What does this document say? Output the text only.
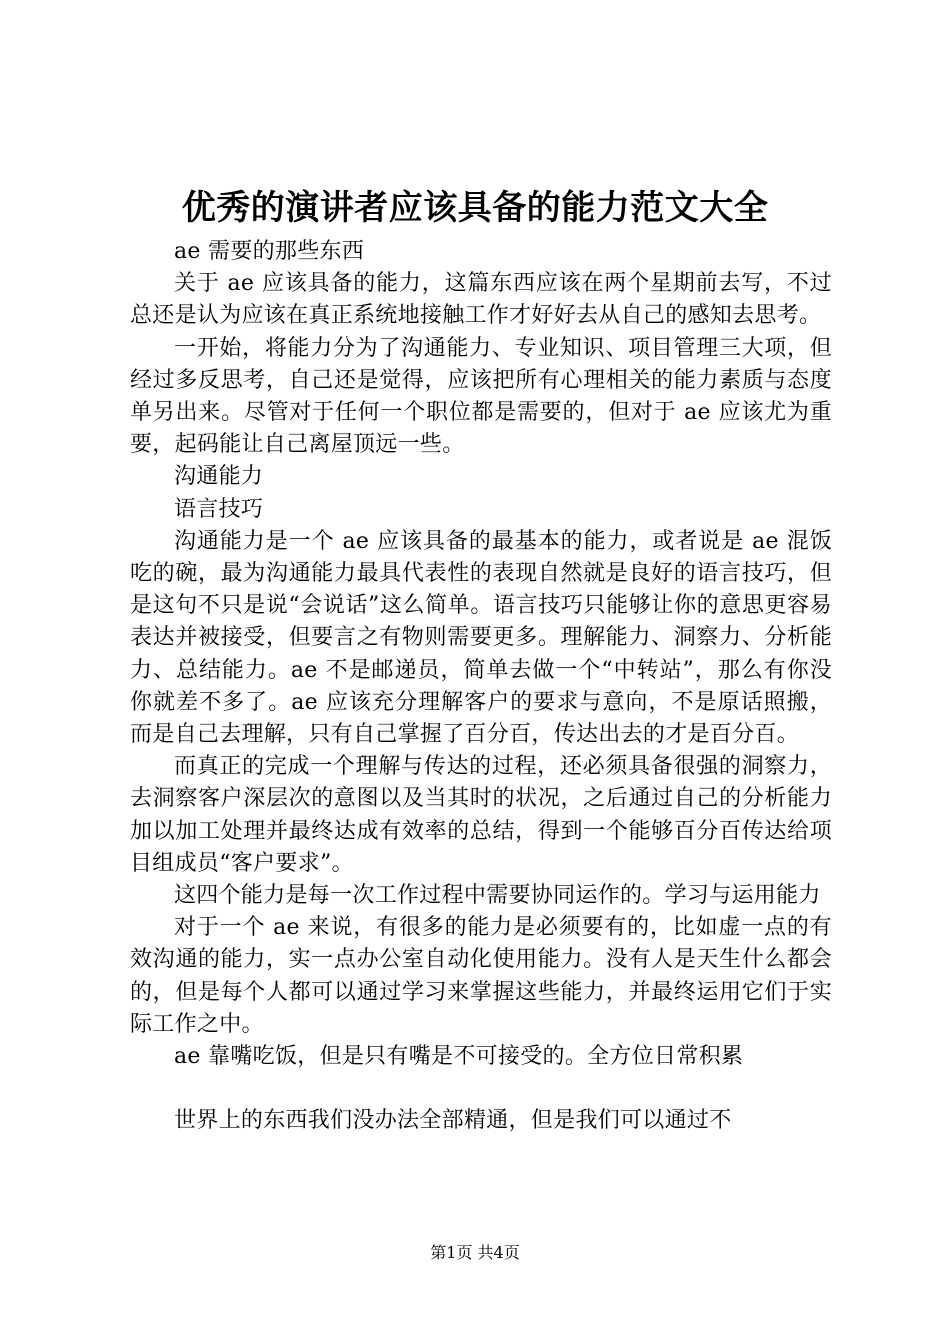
优秀的演讲者应该具备的能力范文大全

ae 需要的那些东西

关于 ae 应该具备的能力，这篇东西应该在两个星期前去写，不过总还是认为应该在真正系统地接触工作才好好去从自己的感知去思考。

一开始，将能力分为了沟通能力、专业知识、项目管理三大项，但经过多反思考，自己还是觉得，应该把所有心理相关的能力素质与态度单另出来。尽管对于任何一个职位都是需要的，但对于 ae 应该尤为重要，起码能让自己离屋顶远一些。

沟通能力

语言技巧

沟通能力是一个 ae 应该具备的最基本的能力，或者说是 ae 混饭吃的碗，最为沟通能力最具代表性的表现自然就是良好的语言技巧，但是这句不只是说“会说话”这么简单。语言技巧只能够让你的意思更容易表达并被接受，但要言之有物则需要更多。理解能力、洞察力、分析能力、总结能力。ae 不是邮递员，简单去做一个“中转站”，那么有你没你就差不多了。ae 应该充分理解客户的要求与意向，不是原话照搬，而是自己去理解，只有自己掌握了百分百，传达出去的才是百分百。

而真正的完成一个理解与传达的过程，还必须具备很强的洞察力，去洞察客户深层次的意图以及当其时的状况，之后通过自己的分析能力加以加工处理并最终达成有效率的总结，得到一个能够百分百传达给项目组成员“客户要求”。

这四个能力是每一次工作过程中需要协同运作的。学习与运用能力

对于一个 ae 来说，有很多的能力是必须要有的，比如虚一点的有效沟通的能力，实一点办公室自动化使用能力。没有人是天生什么都会的，但是每个人都可以通过学习来掌握这些能力，并最终运用它们于实际工作之中。

ae 靠嘴吃饭，但是只有嘴是不可接受的。全方位日常积累

世界上的东西我们没办法全部精通，但是我们可以通过不

第1页 共4页
